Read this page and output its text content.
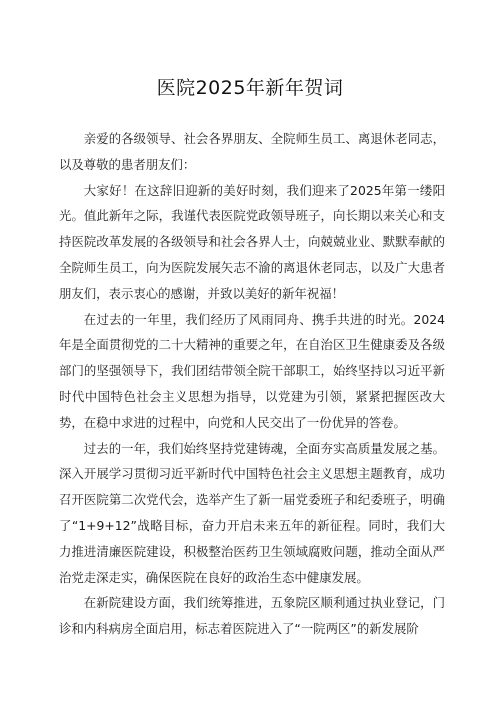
医院2025年新年贺词

亲爱的各级领导、社会各界朋友、全院师生员工、离退休老同志，以及尊敬的患者朋友们：

大家好！在这辞旧迎新的美好时刻，我们迎来了2025年第一缕阳光。值此新年之际，我谨代表医院党政领导班子，向长期以来关心和支持医院改革发展的各级领导和社会各界人士，向兢兢业业、默默奉献的全院师生员工，向为医院发展矢志不渝的离退休老同志，以及广大患者朋友们，表示衷心的感谢，并致以美好的新年祝福！

在过去的一年里，我们经历了风雨同舟、携手共进的时光。2024年是全面贯彻党的二十大精神的重要之年，在自治区卫生健康委及各级部门的坚强领导下，我们团结带领全院干部职工，始终坚持以习近平新时代中国特色社会主义思想为指导，以党建为引领，紧紧把握医改大势，在稳中求进的过程中，向党和人民交出了一份优异的答卷。

过去的一年，我们始终坚持党建铸魂，全面夯实高质量发展之基。深入开展学习贯彻习近平新时代中国特色社会主义思想主题教育，成功召开医院第二次党代会，选举产生了新一届党委班子和纪委班子，明确了“1+9+12”战略目标，奋力开启未来五年的新征程。同时，我们大力推进清廉医院建设，积极整治医药卫生领域腐败问题，推动全面从严治党走深走实，确保医院在良好的政治生态中健康发展。

在新院建设方面，我们统筹推进，五象院区顺利通过执业登记，门诊和内科病房全面启用，标志着医院进入了“一院两区”的新发展阶
